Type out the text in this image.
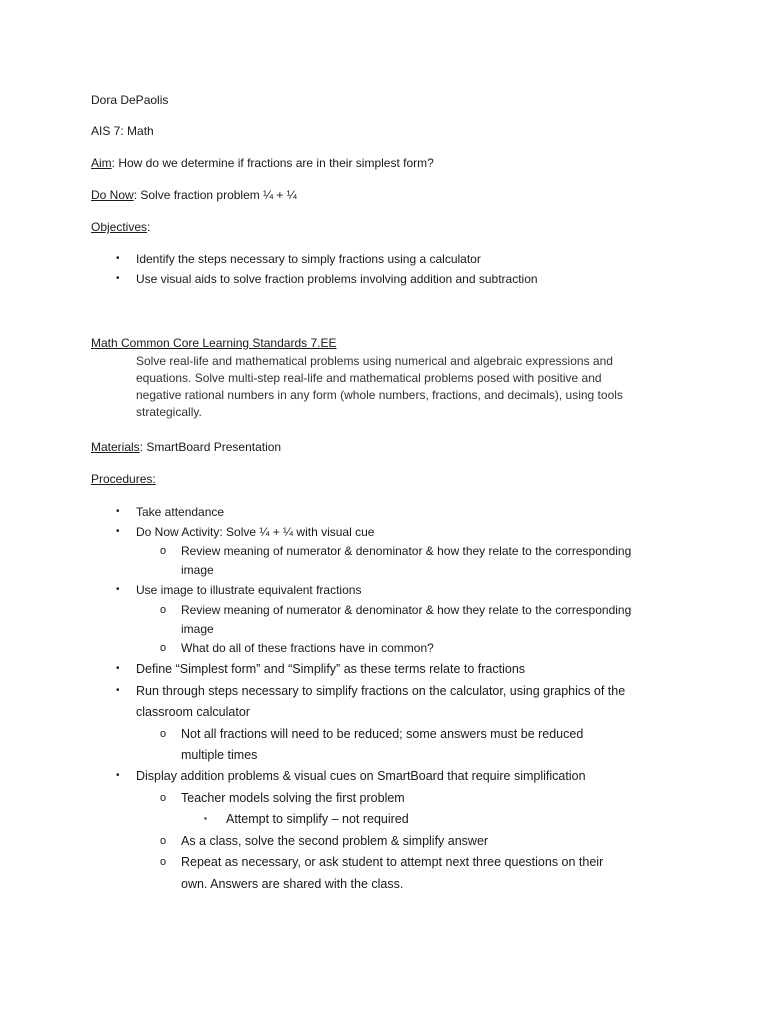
Dora DePaolis
AIS 7: Math
Aim: How do we determine if fractions are in their simplest form?
Do Now: Solve fraction problem ¼ + ¼
Objectives:
• Identify the steps necessary to simply fractions using a calculator
• Use visual aids to solve fraction problems involving addition and subtraction
Math Common Core Learning Standards 7.EE
Solve real-life and mathematical problems using numerical and algebraic expressions and
equations. Solve multi-step real-life and mathematical problems posed with positive and
negative rational numbers in any form (whole numbers, fractions, and decimals), using tools
strategically.
Materials: SmartBoard Presentation
Procedures:
• Take attendance
• Do Now Activity: Solve ¼ + ¼ with visual cue
o Review meaning of numerator & denominator & how they relate to the corresponding
image
• Use image to illustrate equivalent fractions
o Review meaning of numerator & denominator & how they relate to the corresponding
image
o What do all of these fractions have in common?
• Define “Simplest form” and “Simplify” as these terms relate to fractions
• Run through steps necessary to simplify fractions on the calculator, using graphics of the
classroom calculator
o Not all fractions will need to be reduced; some answers must be reduced
multiple times
• Display addition problems & visual cues on SmartBoard that require simplification
o Teacher models solving the first problem
▪ Attempt to simplify – not required
o As a class, solve the second problem & simplify answer
o Repeat as necessary, or ask student to attempt next three questions on their
own. Answers are shared with the class.
